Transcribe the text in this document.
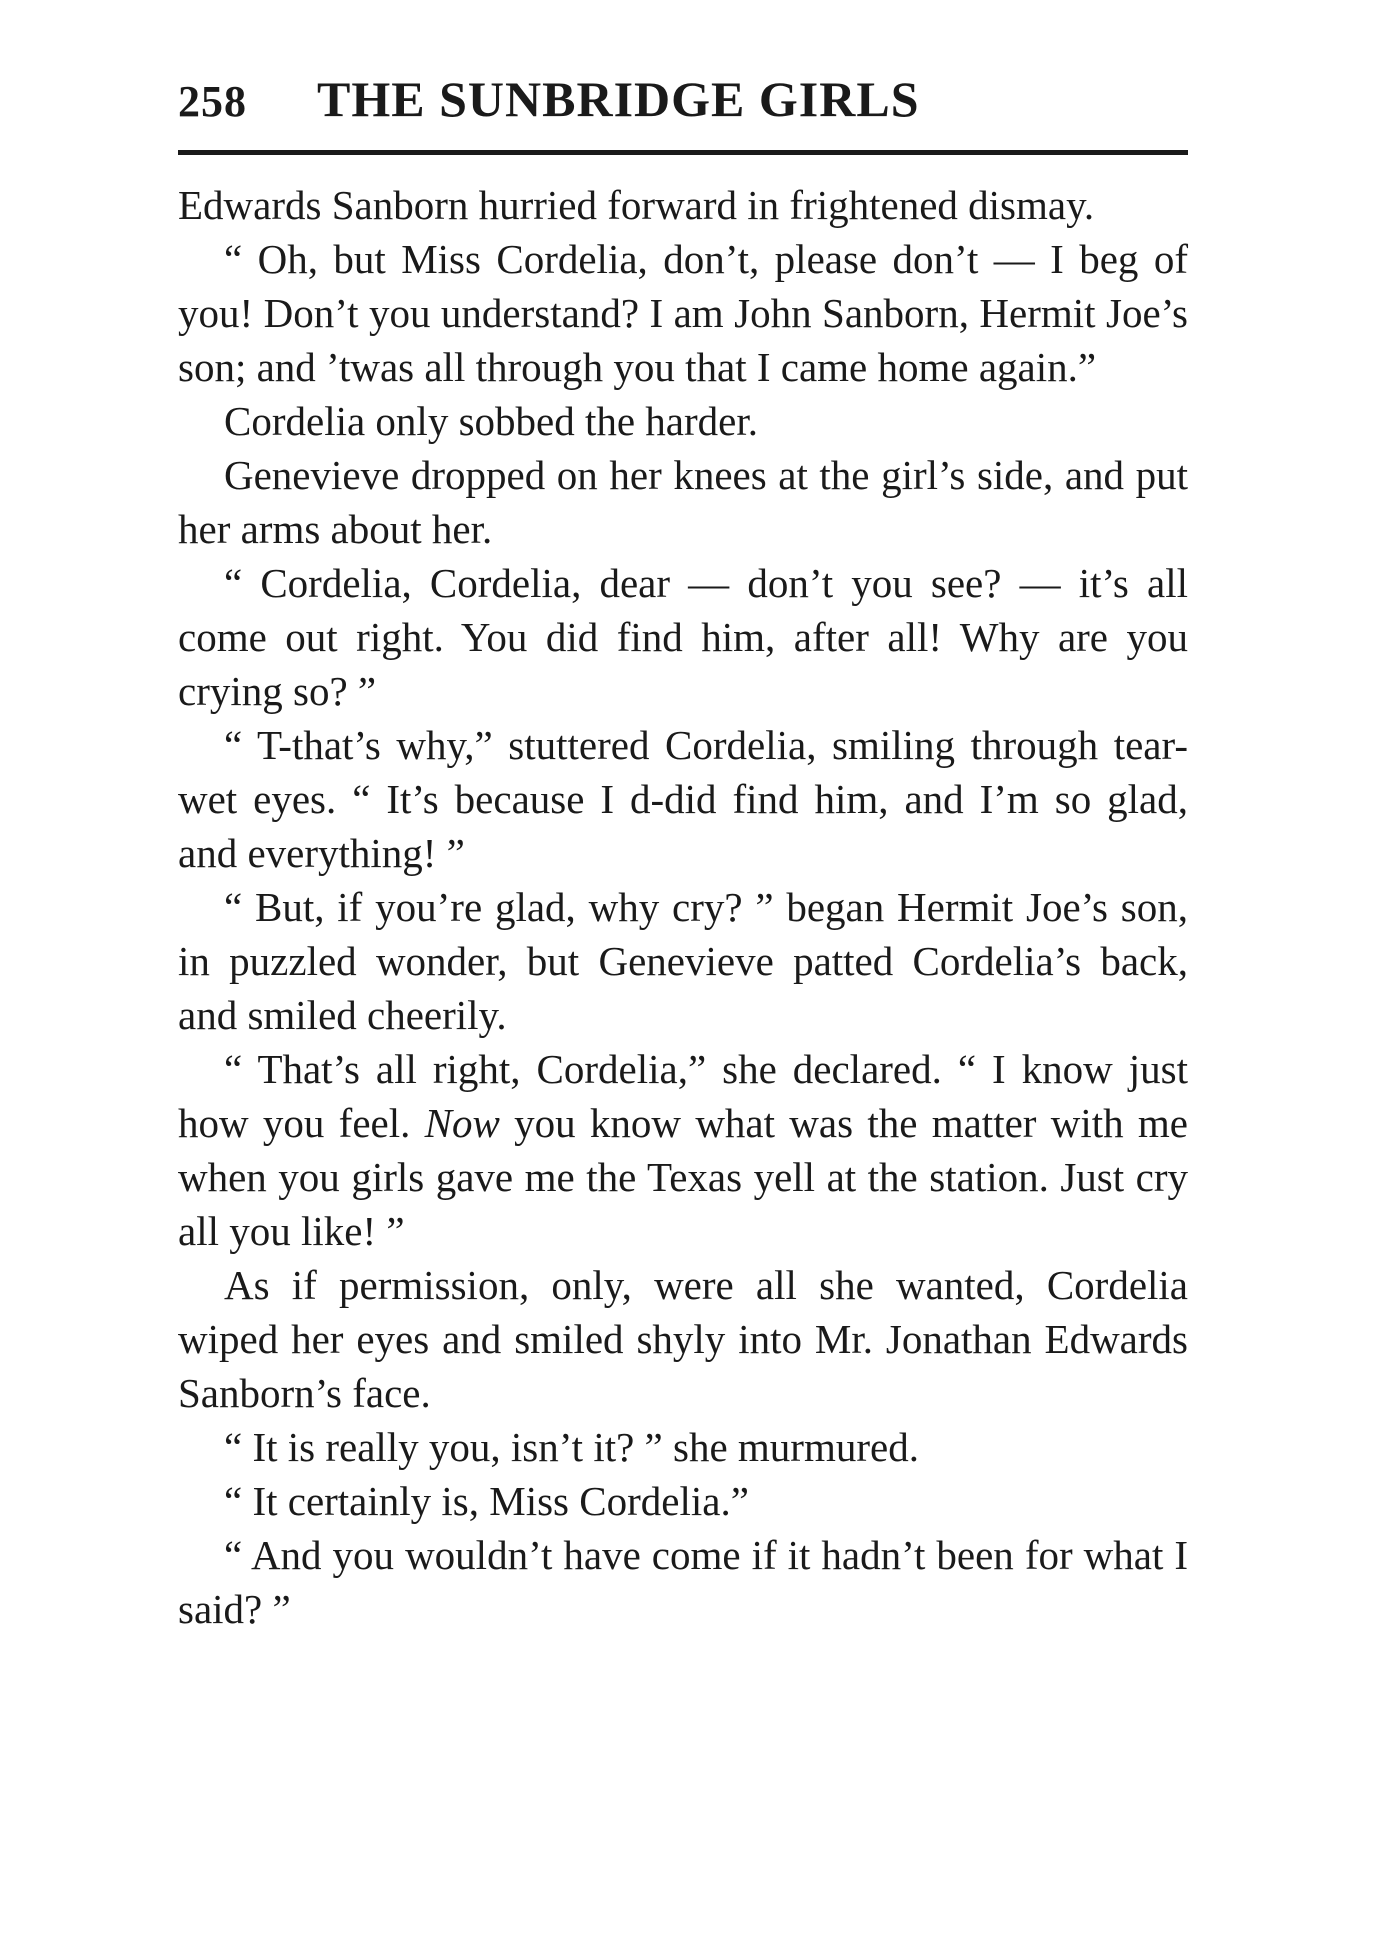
258 THE SUNBRIDGE GIRLS

Edwards Sanborn hurried forward in frightened dismay.

“ Oh, but Miss Cordelia, don’t, please don’t — I beg of you! Don’t you understand? I am John Sanborn, Hermit Joe’s son; and ’twas all through you that I came home again.”

Cordelia only sobbed the harder.

Genevieve dropped on her knees at the girl’s side, and put her arms about her.

“ Cordelia, Cordelia, dear — don’t you see? — it’s all come out right. You did find him, after all! Why are you crying so? ”

“ T-that’s why,” stuttered Cordelia, smiling through tear-wet eyes. “ It’s because I d-did find him, and I’m so glad, and everything! ”

“ But, if you’re glad, why cry? ” began Hermit Joe’s son, in puzzled wonder, but Genevieve patted Cordelia’s back, and smiled cheerily.

“ That’s all right, Cordelia,” she declared. “ I know just how you feel. Now you know what was the matter with me when you girls gave me the Texas yell at the station. Just cry all you like! ”

As if permission, only, were all she wanted, Cordelia wiped her eyes and smiled shyly into Mr. Jonathan Edwards Sanborn’s face.

“ It is really you, isn’t it? ” she murmured.

“ It certainly is, Miss Cordelia.”

“ And you wouldn’t have come if it hadn’t been for what I said? ”
